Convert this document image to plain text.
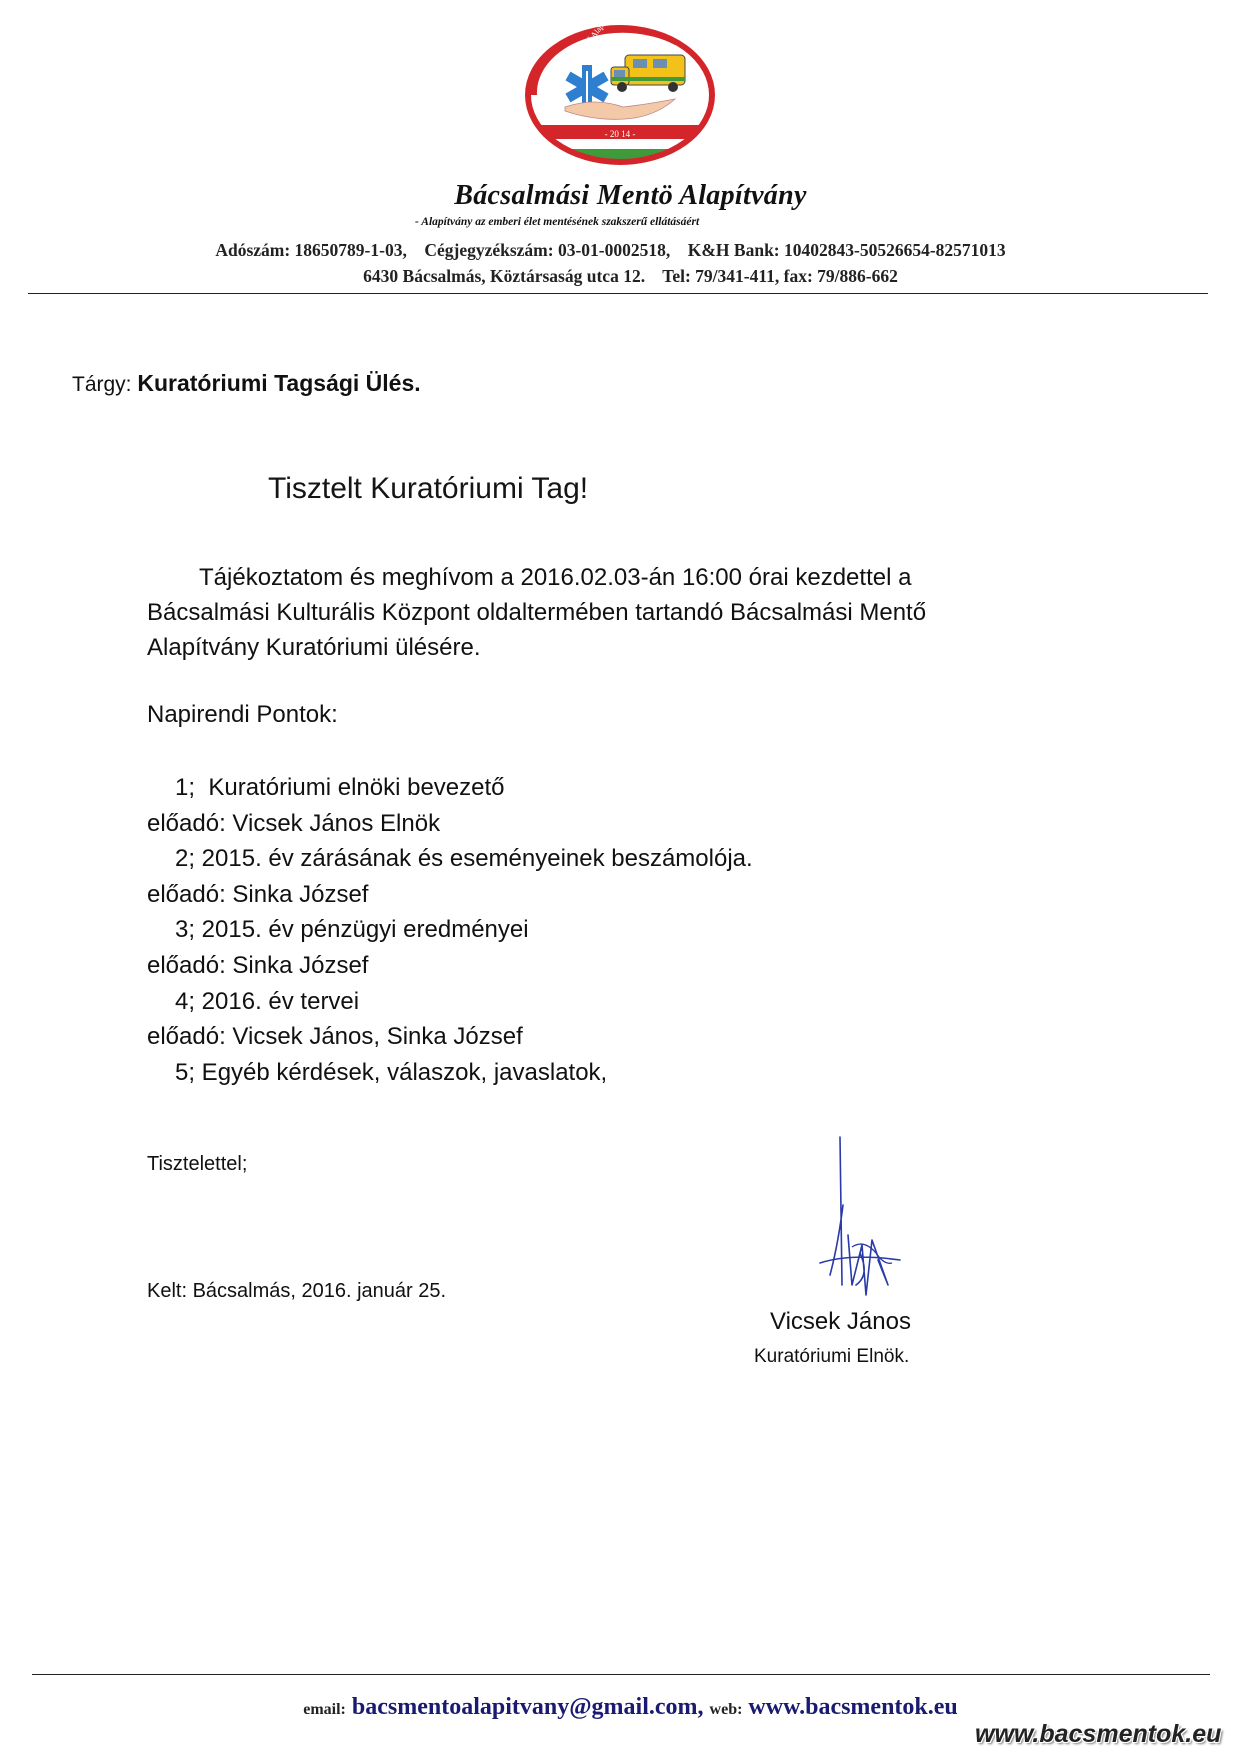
- 20 14 -
Bácsalmási Mentö Alapítvány
- Alapítvány az emberi élet mentésének szakszerű ellátásáért
Adószám: 18650789-1-03,    Cégjegyzékszám: 03-01-0002518,    K&H Bank: 10402843-50526654-82571013
6430 Bácsalmás, Köztársaság utca 12.    Tel: 79/341-411, fax: 79/886-662
Tárgy: Kuratóriumi Tagsági Ülés.
Tisztelt Kuratóriumi Tag!
Tájékoztatom és meghívom a 2016.02.03-án 16:00 órai kezdettel a
Bácsalmási Kulturális Központ oldaltermében tartandó Bácsalmási Mentő
Alapítvány Kuratóriumi ülésére.
Napirendi Pontok:
1;  Kuratóriumi elnöki bevezető
előadó: Vicsek János Elnök
2; 2015. év zárásának és eseményeinek beszámolója.
előadó: Sinka József
3; 2015. év pénzügyi eredményei
előadó: Sinka József
4; 2016. év tervei
előadó: Vicsek János, Sinka József
5; Egyéb kérdések, válaszok, javaslatok,
Tisztelettel;
Kelt: Bácsalmás, 2016. január 25.
Vicsek János
Kuratóriumi Elnök.
email: bacsmentoalapitvany@gmail.com, web: www.bacsmentok.eu
www.bacsmentok.eu
